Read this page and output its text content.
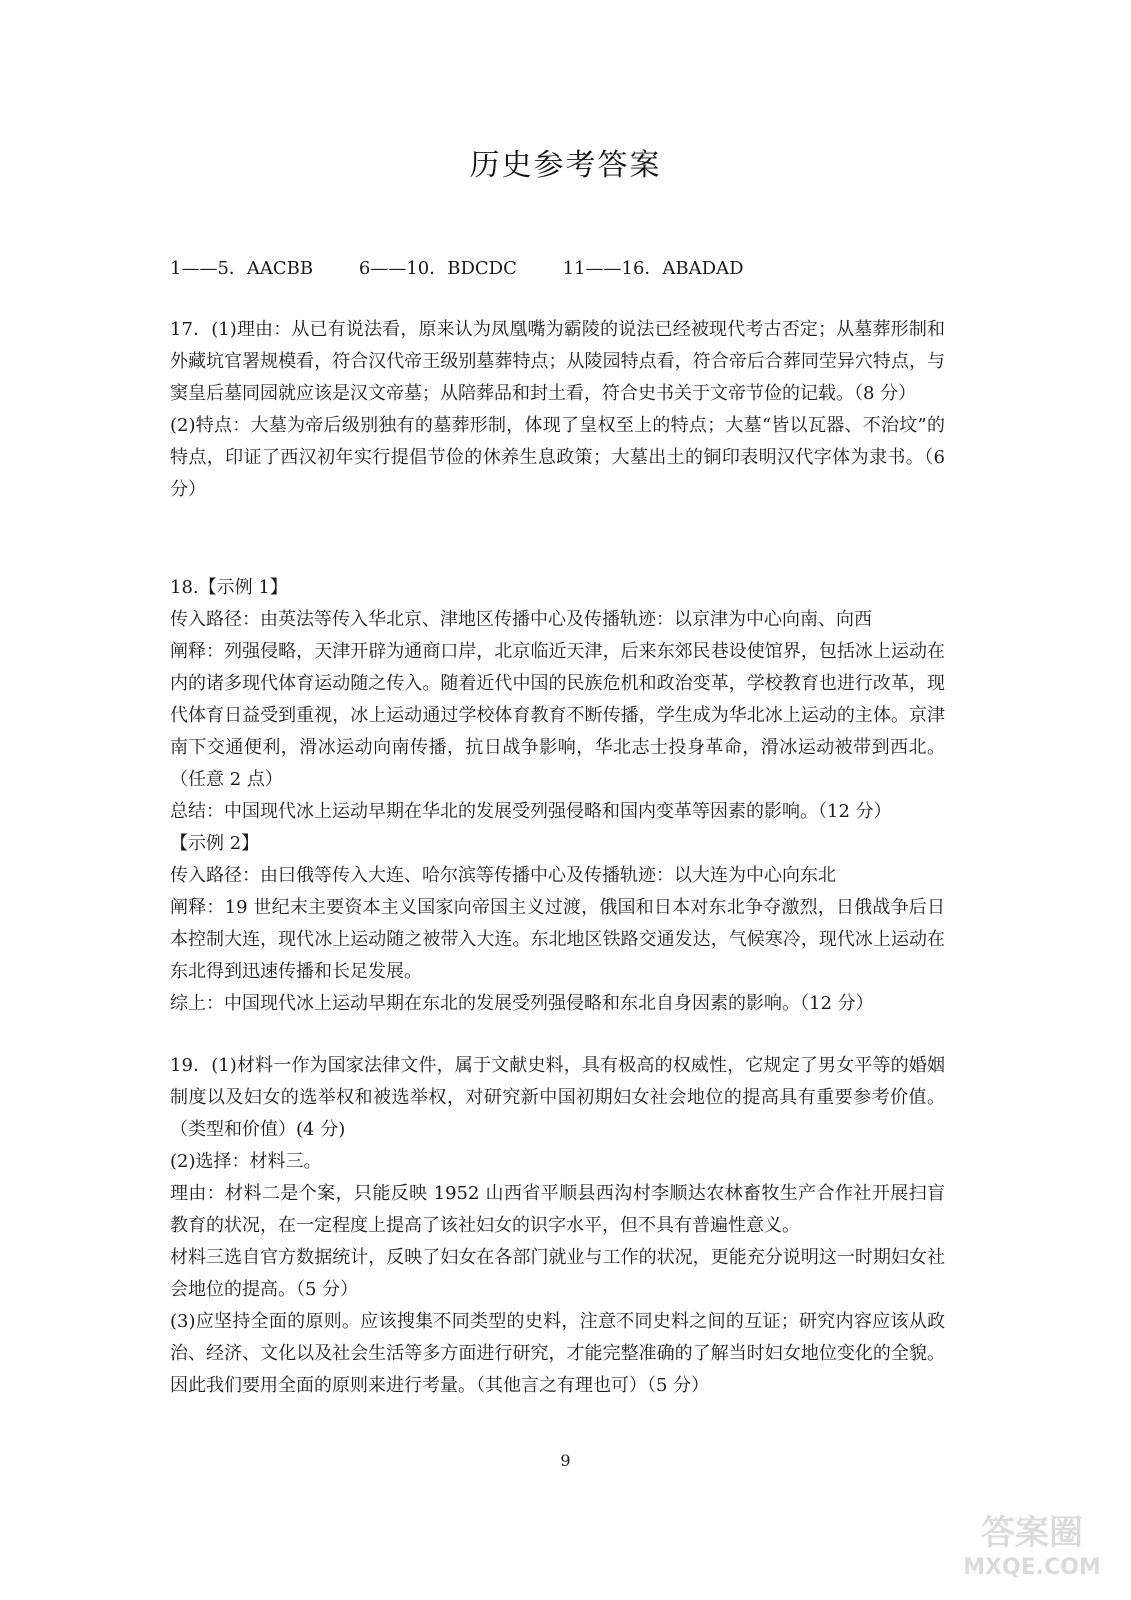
历史参考答案
1——5．AACBB	6——10．BDCDC	11——16．ABADAD

17．(1)理由：从已有说法看，原来认为凤凰嘴为霸陵的说法已经被现代考古否定；从墓葬形制和外藏坑官署规模看，符合汉代帝王级别墓葬特点；从陵园特点看，符合帝后合葬同茔异穴特点，与窦皇后墓同园就应该是汉文帝墓；从陪葬品和封土看，符合史书关于文帝节俭的记载。（8 分）

(2)特点：大墓为帝后级别独有的墓葬形制，体现了皇权至上的特点；大墓“皆以瓦器、不治坟”的特点，印证了西汉初年实行提倡节俭的休养生息政策；大墓出土的铜印表明汉代字体为隶书。（6 分）

18.【示例 1】

传入路径：由英法等传入华北京、津地区传播中心及传播轨迹：以京津为中心向南、向西

阐释：列强侵略，天津开辟为通商口岸，北京临近天津，后来东郊民巷设使馆界，包括冰上运动在内的诸多现代体育运动随之传入。随着近代中国的民族危机和政治变革，学校教育也进行改革，现代体育日益受到重视，冰上运动通过学校体育教育不断传播，学生成为华北冰上运动的主体。京津南下交通便利，滑冰运动向南传播，抗日战争影响，华北志士投身革命，滑冰运动被带到西北。（任意 2 点）

总结：中国现代冰上运动早期在华北的发展受列强侵略和国内变革等因素的影响。（12 分）

【示例 2】

传入路径：由曰俄等传入大连、哈尔滨等传播中心及传播轨迹：以大连为中心向东北

阐释：19 世纪末主要资本主义国家向帝国主义过渡，俄国和日本对东北争夺激烈，日俄战争后日本控制大连，现代冰上运动随之被带入大连。东北地区铁路交通发达，气候寒冷，现代冰上运动在东北得到迅速传播和长足发展。

综上：中国现代冰上运动早期在东北的发展受列强侵略和东北自身因素的影响。（12 分）

19．(1)材料一作为国家法律文件，属于文献史料，具有极高的权威性，它规定了男女平等的婚姻制度以及妇女的选举权和被选举权，对研究新中国初期妇女社会地位的提高具有重要参考价值。（类型和价值）(4 分)

(2)选择：材料三。

理由：材料二是个案，只能反映 1952 山西省平顺县西沟村李顺达农林畜牧生产合作社开展扫盲教育的状况，在一定程度上提高了该社妇女的识字水平，但不具有普遍性意义。

材料三选自官方数据统计，反映了妇女在各部门就业与工作的状况，更能充分说明这一时期妇女社会地位的提高。（5 分）

(3)应坚持全面的原则。应该搜集不同类型的史料，注意不同史料之间的互证；研究内容应该从政治、经济、文化以及社会生活等多方面进行研究，才能完整准确的了解当时妇女地位变化的全貌。因此我们要用全面的原则来进行考量。（其他言之有理也可）（5 分）

9
答案圈
MXQE.COM
